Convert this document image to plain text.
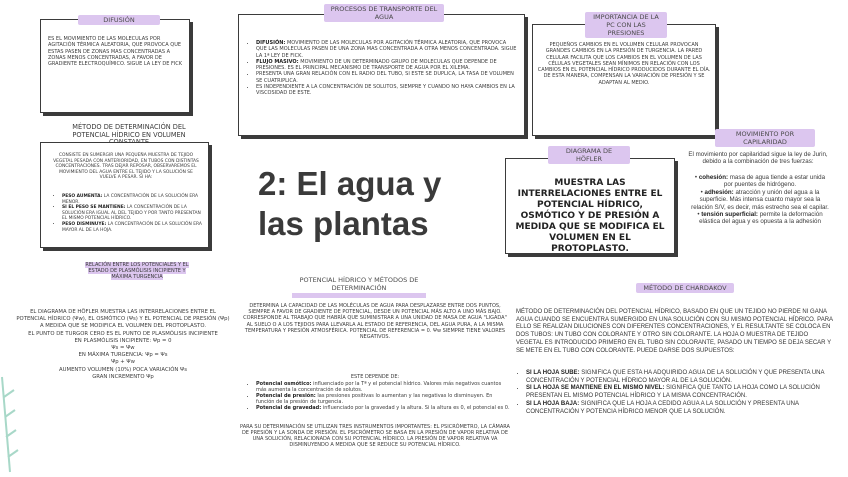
DIFUSIÓN
ES EL MOVIMIENTO DE LAS MOLECULAS POR AGITACIÓN TÉRMICA ALEATORIA, QUE PROVOCA QUE ESTAS PASEN DE ZONAS MAS CONCENTRADAS A ZONAS MENOS CONCENTRADAS, A FAVOR DE GRADIENTE ELECTROQUÍMICO. SIGUE LA LEY DE FICK
PROCESOS DE TRANSPORTE DEL AGUA
• DIFUSIÓN: MOVIMIENTO DE LAS MOLECULAS POR AGITACIÓN TÉRMICA ALEATORIA, QUE PROVOCA QUE LAS MOLECULAS PASEN DE UNA ZONA MAS CONCENTRADA A OTRA MENOS CONCENTRADA. SIGUE LA 1ª LEY DE FICK.
• FLUJO MASIVO: MOVIMIENTO DE UN DETERMINADO GRUPO DE MOLECULAS QUE DEPENDE DE PRESIONES. ES EL PRINCIPAL MECANISMO DE TRANSPORTE DE AGUA POR EL XILEMA.
• PRESENTA UNA GRAN RELACIÓN CON EL RADIO DEL TUBO, SI ESTE SE DUPLICA, LA TASA DE VOLUMEN SE CUATRIPLICA.
• ES INDEPENDIENTE A LA CONCENTRACIÓN DE SOLUTOS, SIEMPRE Y CUANDO NO HAYA CAMBIOS EN LA VISCOSIDAD DE ESTE.
IMPORTANCIA DE LA PC CON LAS PRESIONES
PEQUEÑOS CAMBIOS EN EL VOLUMEN CELULAR PROVOCAN GRANDES CAMBIOS EN LA PRESIÓN DE TURGENCIA. LA PARED CELULAR FACILITA QUE LOS CAMBIOS EN EL VOLUMEN DE LAS CÉLULAS VEGETALES SEAN MÍNIMOS EN RELACIÓN CON LOS CAMBIOS EN EL POTENCIAL HÍDRICO PRODUCIDOS DURANTE EL DÍA. DE ESTA MANERA, COMPENSAN LA VARIACIÓN DE PRESIÓN Y SE ADAPTAN AL MEDIO.
MÉTODO DE DETERMINACIÓN DEL POTENCIAL HÍDRICO EN VOLUMEN
CONSISTE EN SUMERGIR UNA PEQUEÑA MUESTRA DE TEJIDO VEGETAL PESADA CON ANTERIORIDAD, EN TUBOS CON DISTINTAS CONCENTRACIONES. TRAS DEJAR REPOSAR, OBSERVAREMOS EL MOVIMIENTO DEL AGUA ENTRE EL TEJIDO Y LA SOLUCIÓN SE VUELVE A PESAR. SI HA:
• PESO AUMENTA: LA CONCENTRACIÓN DE LA SOLUCIÓN ERA MENOR.
• SI EL PESO SE MANTIENE: LA CONCENTRACIÓN DE LA SOLUCIÓN ERA IGUAL AL DEL TEJIDO Y POR TANTO PRESENTAN EL MISMO POTENCIAL HÍDRICO.
• PESO DISMINUYE: LA CONCENTRACIÓN DE LA SOLUCIÓN ERA MAYOR AL DE LA HOJA.
2: El agua y
las plantas
DIAGRAMA DE HÖFLER
MUESTRA LAS INTERRELACIONES ENTRE EL POTENCIAL HÍDRICO, OSMÓTICO Y DE PRESIÓN A MEDIDA QUE SE MODIFICA EL VOLUMEN EN EL PROTOPLASTO.
MOVIMIENTO POR CAPILARIDAD
El movimiento por capilaridad sigue la ley de Jurin, debido a la combinación de tres fuerzas:

• cohesión: masa de agua tiende a estar unida por puentes de hidrógeno.

• adhesión: atracción y unión del agua a la superficie. Más intensa cuanto mayor sea la relación S/V, es decir, más estrecho sea el capilar.

• tensión superficial: permite la deformación elástica del agua y es opuesta a la adhesión

RELACIÓN ENTRE LOS POTENCIALES Y EL ESTADO DE PLASMÓLISIS INCIPIENTE Y MÁXIMA TURGENCIA

EL DIAGRAMA DE HÖFLER MUESTRA LAS INTERRELACIONES ENTRE EL POTENCIAL HÍDRICO (Ψw), EL OSMÓTICO (Ψs) Y EL POTENCIAL DE PRESIÓN (Ψp) A MEDIDA QUE SE MODIFICA EL VOLUMEN DEL PROTOPLASTO.

EL PUNTO DE TURGOR CERO ES EL PUNTO DE PLASMÓLISIS INCIPIENTE

EN PLASMÓLISIS INCIPIENTE: Ψp = 0

Ψs = Ψw

EN MÁXIMA TURGENCIA: Ψp = Ψs

Ψp + Ψw

AUMENTO VOLUMEN (10%) POCA VARIACIÓN Ψs

GRAN INCREMENTO Ψp

POTENCIAL HÍDRICO Y MÉTODOS DE DETERMINACIÓN
DETERMINA LA CAPACIDAD DE LAS MOLÉCULAS DE AGUA PARA DESPLAZARSE ENTRE DOS PUNTOS, SIEMPRE A FAVOR DE GRADIENTE DE POTENCIAL, DESDE UN POTENCIAL MÁS ALTO A UNO MÁS BAJO. CORRESPONDE AL TRABAJO QUE HABRÍA QUE SUMINISTRAR A UNA UNIDAD DE MASA DE AGUA "LIGADA" AL SUELO O A LOS TEJIDOS PARA LLEVARLA AL ESTADO DE REFERENCIA, DEL AGUA PURA, A LA MISMA TEMPERATURA Y PRESIÓN ATMOSFÉRICA. POTENCIAL DE REFERENCIA = 0. Ψw SIEMPRE TIENE VALORES NEGATIVOS.
ESTE DEPENDE DE:
• Potencial osmótico: influenciado por la Tª y el potencial hídrico. Valores más negativos cuantos más aumenta la concentración de solutos.
• Potencial de presión: las presiones positivas lo aumentan y las negativas lo disminuyen. En función de la presión de turgencia.
• Potencial de gravedad: influenciado por la gravedad y la altura. Si la altura es 0, el potencial es 0.
PARA SU DETERMINACIÓN SE UTILIZAN TRES INSTRUMENTOS IMPORTANTES: EL PSICRÓMETRO, LA CÁMARA DE PRESIÓN Y LA SONDA DE PRESIÓN. EL PSICRÓMETRO SE BASA EN LA PRESIÓN DE VAPOR RELATIVA DE UNA SOLUCIÓN, RELACIONADA CON SU POTENCIAL HÍDRICO. LA PRESIÓN DE VAPOR RELATIVA VA DISMINUYENDO A MEDIDA QUE SE REDUCE SU POTENCIAL HÍDRICO.
MÉTODO DE CHARDAKOV
MÉTODO DE DETERMINACIÓN DEL POTENCIAL HÍDRICO, BASADO EN QUE UN TEJIDO NO PIERDE NI GANA AGUA CUANDO SE ENCUENTRA SUMERGIDO EN UNA SOLUCIÓN CON SU MISMO POTENCIAL HÍDRICO. PARA ELLO SE REALIZAN DILUCIONES CON DIFERENTES CONCENTRACIONES, Y EL RESULTANTE SE COLOCA EN DOS TUBOS: UN TUBO CON COLORANTE Y OTRO SIN COLORANTE. LA HOJA O MUESTRA DE TEJIDO VEGETAL ES INTRODUCIDO PRIMERO EN EL TUBO SIN COLORANTE, PASADO UN TIEMPO SE DEJA SECAR Y SE METE EN EL TUBO CON COLORANTE. PUEDE DARSE DOS SUPUESTOS:
• SI LA HOJA SUBE: SIGNIFICA QUE ESTA HA ADQUIRIDO AGUA DE LA SOLUCIÓN Y QUE PRESENTA UNA CONCENTRACIÓN Y POTENCIAL HÍDRICO MAYOR AL DE LA SOLUCIÓN.
• SI LA HOJA SE MANTIENE EN EL MISMO NIVEL: SIGNIFICA QUE TANTO LA HOJA COMO LA SOLUCIÓN PRESENTAN EL MISMO POTENCIAL HÍDRICO Y LA MISMA CONCENTRACIÓN.
• SI LA HOJA BAJA: SIGNIFICA QUE LA HOJA A CEDIDO AGUA A LA SOLUCIÓN Y PRESENTA UNA CONCENTRACIÓN Y POTENCIA HÍDRICO MENOR QUE LA SOLUCIÓN.
